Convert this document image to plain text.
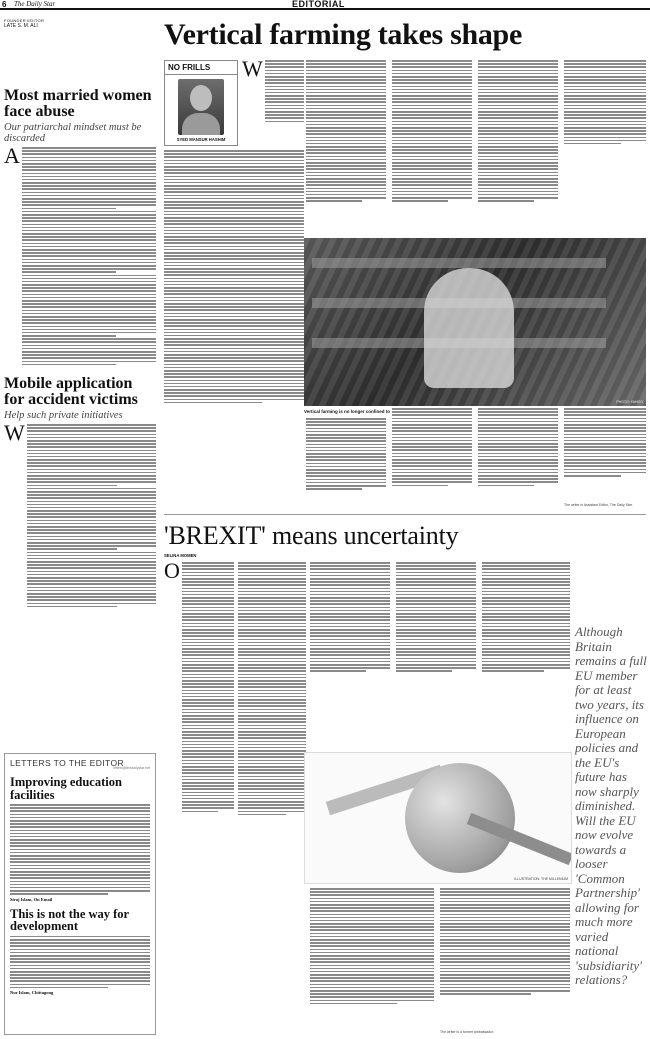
6 The Daily Star	EDITORIAL
FOUNDER EDITOR
LATE S. M. ALI
Most married women face abuse
Our patriarchal mindset must be discarded
A
Mobile application for accident victims
Help such private initiatives
W
LETTERS TO THE EDITOR
letters@thedailystar.net
Improving education facilities
Siraj Islam, On Email
This is not the way for development
Nur Islam, Chittagong
Vertical farming takes shape
NO FRILLS
SYED MANSUR HASHIM
W
PHOTO: YAHOO
Vertical farming is no longer confined to
The writer is Assistant Editor, The Daily Star.
'BREXIT' means uncertainty
SELINA MOMEN
O
Although Britain remains a full EU member for at least two years, its influence on European policies and the EU's future has now sharply diminished. Will the EU now evolve towards a looser 'Common Partnership' allowing for much more varied national 'subsidiarity' relations?
ILLUSTRATION: THE MILLENIUM
The writer is a former ambassador.
